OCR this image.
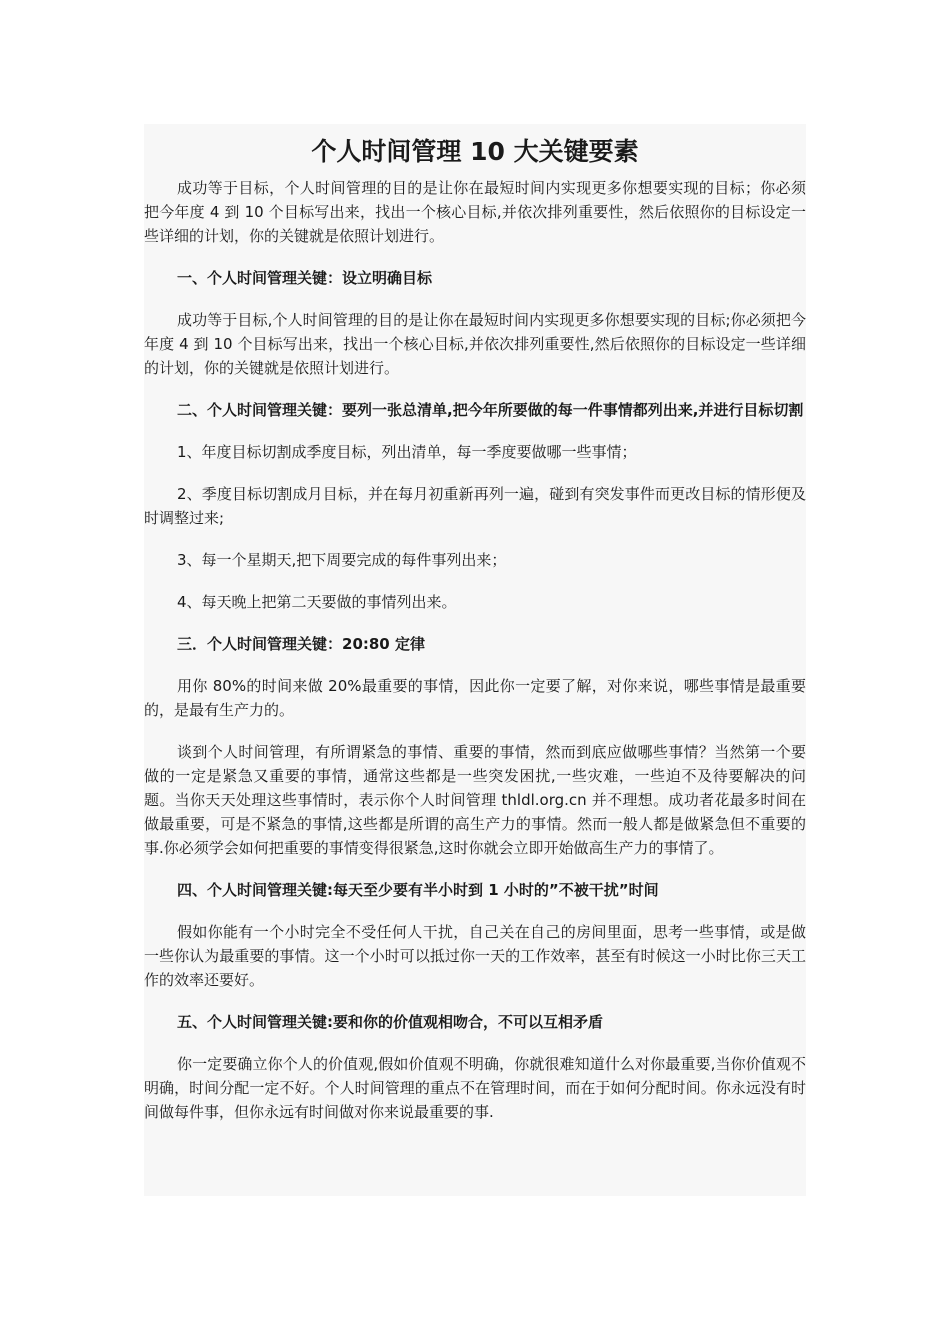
个人时间管理 10 大关键要素
成功等于目标，个人时间管理的目的是让你在最短时间内实现更多你想要实现的目标；你必须把今年度 4 到 10 个目标写出来，找出一个核心目标,并依次排列重要性，然后依照你的目标设定一些详细的计划，你的关键就是依照计划进行。
一、个人时间管理关键：设立明确目标
成功等于目标,个人时间管理的目的是让你在最短时间内实现更多你想要实现的目标;你必须把今年度 4 到 10 个目标写出来，找出一个核心目标,并依次排列重要性,然后依照你的目标设定一些详细的计划，你的关键就是依照计划进行。
二、个人时间管理关键：要列一张总清单,把今年所要做的每一件事情都列出来,并进行目标切割
1、年度目标切割成季度目标，列出清单，每一季度要做哪一些事情；
2、季度目标切割成月目标，并在每月初重新再列一遍，碰到有突发事件而更改目标的情形便及时调整过来;
3、每一个星期天,把下周要完成的每件事列出来；
4、每天晚上把第二天要做的事情列出来。
三．个人时间管理关键：20:80 定律
用你 80%的时间来做 20%最重要的事情，因此你一定要了解，对你来说，哪些事情是最重要的，是最有生产力的。
谈到个人时间管理，有所谓紧急的事情、重要的事情，然而到底应做哪些事情？当然第一个要做的一定是紧急又重要的事情，通常这些都是一些突发困扰,一些灾难，一些迫不及待要解决的问题。当你天天处理这些事情时，表示你个人时间管理 thldl.org.cn 并不理想。成功者花最多时间在做最重要，可是不紧急的事情,这些都是所谓的高生产力的事情。然而一般人都是做紧急但不重要的事.你必须学会如何把重要的事情变得很紧急,这时你就会立即开始做高生产力的事情了。
四、个人时间管理关键:每天至少要有半小时到 1 小时的”不被干扰”时间
假如你能有一个小时完全不受任何人干扰，自己关在自己的房间里面，思考一些事情，或是做一些你认为最重要的事情。这一个小时可以抵过你一天的工作效率，甚至有时候这一小时比你三天工作的效率还要好。
五、个人时间管理关键:要和你的价值观相吻合，不可以互相矛盾
你一定要确立你个人的价值观,假如价值观不明确，你就很难知道什么对你最重要,当你价值观不明确，时间分配一定不好。个人时间管理的重点不在管理时间，而在于如何分配时间。你永远没有时间做每件事，但你永远有时间做对你来说最重要的事.
